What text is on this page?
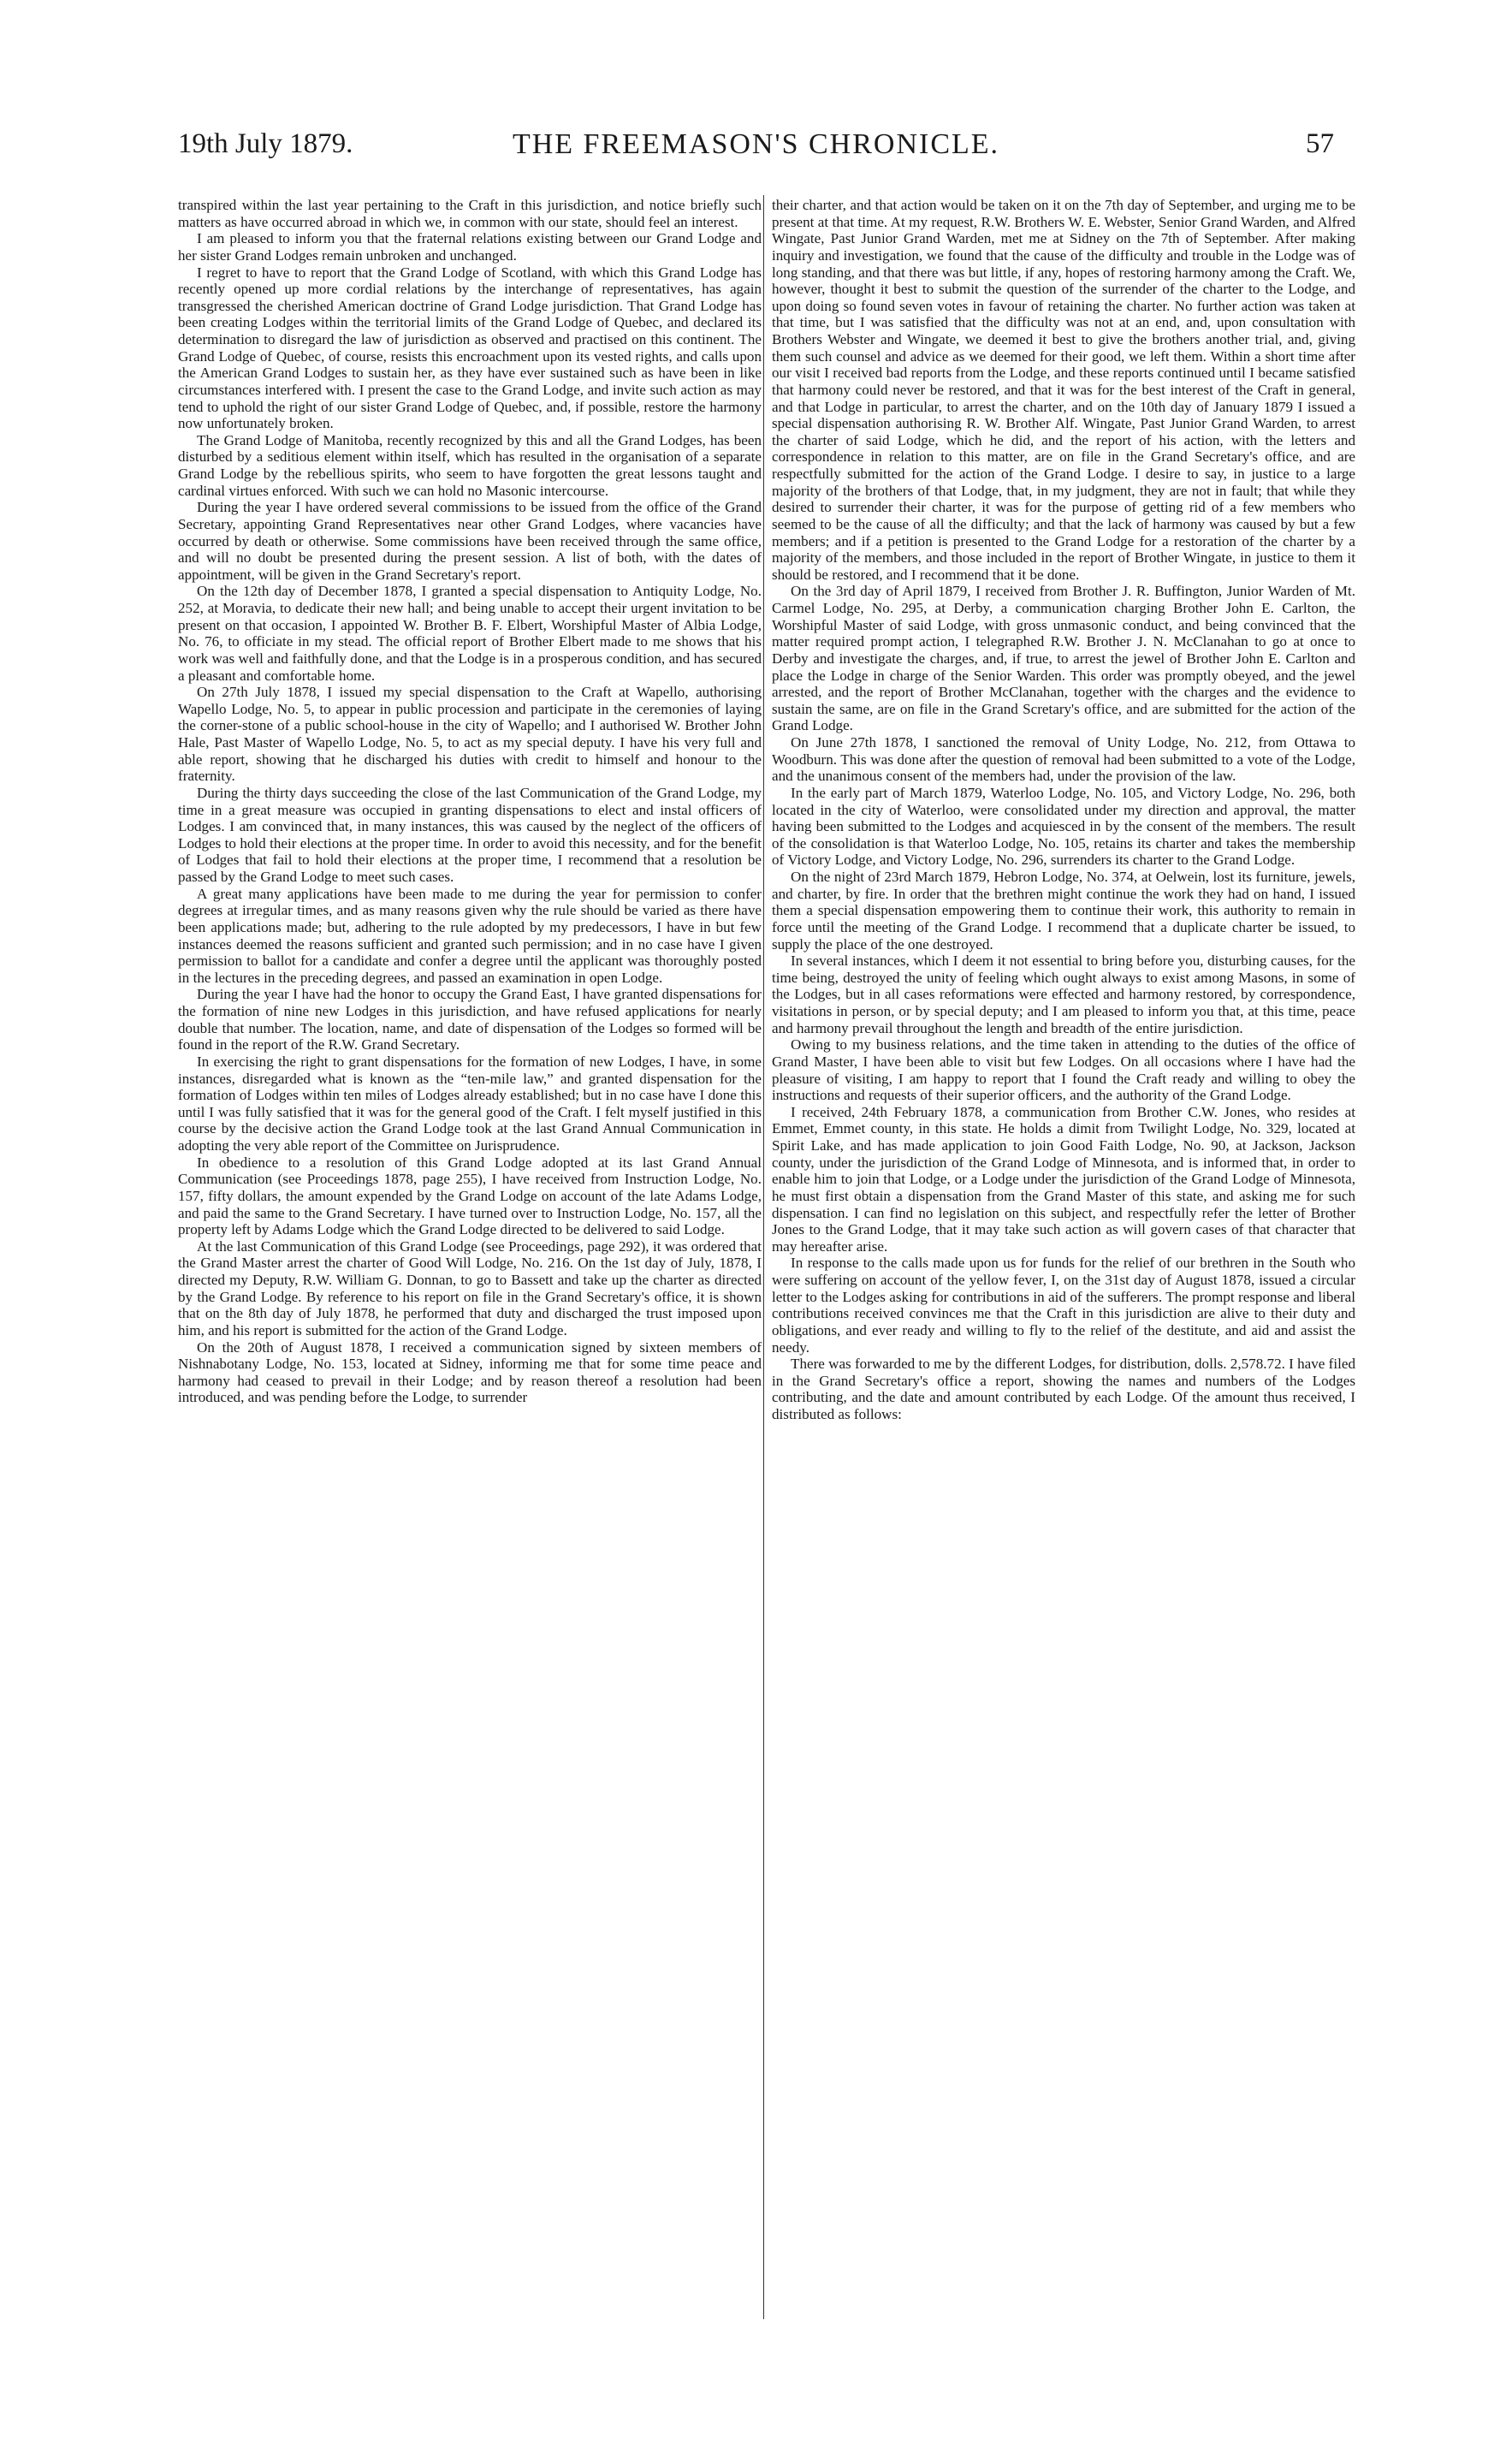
19th July 1879.	THE FREEMASON'S CHRONICLE.	57

transpired within the last year pertaining to the Craft in this jurisdiction, and notice briefly such matters as have occurred abroad in which we, in common with our state, should feel an interest.

I am pleased to inform you that the fraternal relations existing between our Grand Lodge and her sister Grand Lodges remain unbroken and unchanged.

I regret to have to report that the Grand Lodge of Scotland, with which this Grand Lodge has recently opened up more cordial relations by the interchange of representatives, has again transgressed the cherished American doctrine of Grand Lodge jurisdiction. That Grand Lodge has been creating Lodges within the territorial limits of the Grand Lodge of Quebec, and declared its determination to disregard the law of jurisdiction as observed and practised on this continent. The Grand Lodge of Quebec, of course, resists this encroachment upon its vested rights, and calls upon the American Grand Lodges to sustain her, as they have ever sustained such as have been in like circumstances interfered with. I present the case to the Grand Lodge, and invite such action as may tend to uphold the right of our sister Grand Lodge of Quebec, and, if possible, restore the harmony now unfortunately broken.

The Grand Lodge of Manitoba, recently recognized by this and all the Grand Lodges, has been disturbed by a seditious element within itself, which has resulted in the organisation of a separate Grand Lodge by the rebellious spirits, who seem to have forgotten the great lessons taught and cardinal virtues enforced. With such we can hold no Masonic intercourse.

During the year I have ordered several commissions to be issued from the office of the Grand Secretary, appointing Grand Representatives near other Grand Lodges, where vacancies have occurred by death or otherwise. Some commissions have been received through the same office, and will no doubt be presented during the present session. A list of both, with the dates of appointment, will be given in the Grand Secretary's report.

On the 12th day of December 1878, I granted a special dispensation to Antiquity Lodge, No. 252, at Moravia, to dedicate their new hall; and being unable to accept their urgent invitation to be present on that occasion, I appointed W. Brother B. F. Elbert, Worshipful Master of Albia Lodge, No. 76, to officiate in my stead. The official report of Brother Elbert made to me shows that his work was well and faithfully done, and that the Lodge is in a prosperous condition, and has secured a pleasant and comfortable home.

On 27th July 1878, I issued my special dispensation to the Craft at Wapello, authorising Wapello Lodge, No. 5, to appear in public procession and participate in the ceremonies of laying the corner-stone of a public school-house in the city of Wapello; and I authorised W. Brother John Hale, Past Master of Wapello Lodge, No. 5, to act as my special deputy. I have his very full and able report, showing that he discharged his duties with credit to himself and honour to the fraternity.

During the thirty days succeeding the close of the last Communication of the Grand Lodge, my time in a great measure was occupied in granting dispensations to elect and instal officers of Lodges. I am convinced that, in many instances, this was caused by the neglect of the officers of Lodges to hold their elections at the proper time. In order to avoid this necessity, and for the benefit of Lodges that fail to hold their elections at the proper time, I recommend that a resolution be passed by the Grand Lodge to meet such cases.

A great many applications have been made to me during the year for permission to confer degrees at irregular times, and as many reasons given why the rule should be varied as there have been applications made; but, adhering to the rule adopted by my predecessors, I have in but few instances deemed the reasons sufficient and granted such permission; and in no case have I given permission to ballot for a candidate and confer a degree until the applicant was thoroughly posted in the lectures in the preceding degrees, and passed an examination in open Lodge.

During the year I have had the honor to occupy the Grand East, I have granted dispensations for the formation of nine new Lodges in this jurisdiction, and have refused applications for nearly double that number. The location, name, and date of dispensation of the Lodges so formed will be found in the report of the R.W. Grand Secretary.

In exercising the right to grant dispensations for the formation of new Lodges, I have, in some instances, disregarded what is known as the “ten-mile law,” and granted dispensation for the formation of Lodges within ten miles of Lodges already established; but in no case have I done this until I was fully satisfied that it was for the general good of the Craft. I felt myself justified in this course by the decisive action the Grand Lodge took at the last Grand Annual Communication in adopting the very able report of the Committee on Jurisprudence.

In obedience to a resolution of this Grand Lodge adopted at its last Grand Annual Communication (see Proceedings 1878, page 255), I have received from Instruction Lodge, No. 157, fifty dollars, the amount expended by the Grand Lodge on account of the late Adams Lodge, and paid the same to the Grand Secretary. I have turned over to Instruction Lodge, No. 157, all the property left by Adams Lodge which the Grand Lodge directed to be delivered to said Lodge.

At the last Communication of this Grand Lodge (see Proceedings, page 292), it was ordered that the Grand Master arrest the charter of Good Will Lodge, No. 216. On the 1st day of July, 1878, I directed my Deputy, R.W. William G. Donnan, to go to Bassett and take up the charter as directed by the Grand Lodge. By reference to his report on file in the Grand Secretary's office, it is shown that on the 8th day of July 1878, he performed that duty and discharged the trust imposed upon him, and his report is submitted for the action of the Grand Lodge.

On the 20th of August 1878, I received a communication signed by sixteen members of Nishnabotany Lodge, No. 153, located at Sidney, informing me that for some time peace and harmony had ceased to prevail in their Lodge; and by reason thereof a resolution had been introduced, and was pending before the Lodge, to surrender

their charter, and that action would be taken on it on the 7th day of September, and urging me to be present at that time. At my request, R.W. Brothers W. E. Webster, Senior Grand Warden, and Alfred Wingate, Past Junior Grand Warden, met me at Sidney on the 7th of September. After making inquiry and investigation, we found that the cause of the difficulty and trouble in the Lodge was of long standing, and that there was but little, if any, hopes of restoring harmony among the Craft. We, however, thought it best to submit the question of the surrender of the charter to the Lodge, and upon doing so found seven votes in favour of retaining the charter. No further action was taken at that time, but I was satisfied that the difficulty was not at an end, and, upon consultation with Brothers Webster and Wingate, we deemed it best to give the brothers another trial, and, giving them such counsel and advice as we deemed for their good, we left them. Within a short time after our visit I received bad reports from the Lodge, and these reports continued until I became satisfied that harmony could never be restored, and that it was for the best interest of the Craft in general, and that Lodge in particular, to arrest the charter, and on the 10th day of January 1879 I issued a special dispensation authorising R. W. Brother Alf. Wingate, Past Junior Grand Warden, to arrest the charter of said Lodge, which he did, and the report of his action, with the letters and correspondence in relation to this matter, are on file in the Grand Secretary's office, and are respectfully submitted for the action of the Grand Lodge. I desire to say, in justice to a large majority of the brothers of that Lodge, that, in my judgment, they are not in fault; that while they desired to surrender their charter, it was for the purpose of getting rid of a few members who seemed to be the cause of all the difficulty; and that the lack of harmony was caused by but a few members; and if a petition is presented to the Grand Lodge for a restoration of the charter by a majority of the members, and those included in the report of Brother Wingate, in justice to them it should be restored, and I recommend that it be done.

On the 3rd day of April 1879, I received from Brother J. R. Buffington, Junior Warden of Mt. Carmel Lodge, No. 295, at Derby, a communication charging Brother John E. Carlton, the Worshipful Master of said Lodge, with gross unmasonic conduct, and being convinced that the matter required prompt action, I telegraphed R.W. Brother J. N. McClanahan to go at once to Derby and investigate the charges, and, if true, to arrest the jewel of Brother John E. Carlton and place the Lodge in charge of the Senior Warden. This order was promptly obeyed, and the jewel arrested, and the report of Brother McClanahan, together with the charges and the evidence to sustain the same, are on file in the Grand Scretary's office, and are submitted for the action of the Grand Lodge.

On June 27th 1878, I sanctioned the removal of Unity Lodge, No. 212, from Ottawa to Woodburn. This was done after the question of removal had been submitted to a vote of the Lodge, and the unanimous consent of the members had, under the provision of the law.

In the early part of March 1879, Waterloo Lodge, No. 105, and Victory Lodge, No. 296, both located in the city of Waterloo, were consolidated under my direction and approval, the matter having been submitted to the Lodges and acquiesced in by the consent of the members. The result of the consolidation is that Waterloo Lodge, No. 105, retains its charter and takes the membership of Victory Lodge, and Victory Lodge, No. 296, surrenders its charter to the Grand Lodge.

On the night of 23rd March 1879, Hebron Lodge, No. 374, at Oelwein, lost its furniture, jewels, and charter, by fire. In order that the brethren might continue the work they had on hand, I issued them a special dispensation empowering them to continue their work, this authority to remain in force until the meeting of the Grand Lodge. I recommend that a duplicate charter be issued, to supply the place of the one destroyed.

In several instances, which I deem it not essential to bring before you, disturbing causes, for the time being, destroyed the unity of feeling which ought always to exist among Masons, in some of the Lodges, but in all cases reformations were effected and harmony restored, by correspondence, visitations in person, or by special deputy; and I am pleased to inform you that, at this time, peace and harmony prevail throughout the length and breadth of the entire jurisdiction.

Owing to my business relations, and the time taken in attending to the duties of the office of Grand Master, I have been able to visit but few Lodges. On all occasions where I have had the pleasure of visiting, I am happy to report that I found the Craft ready and willing to obey the instructions and requests of their superior officers, and the authority of the Grand Lodge.

I received, 24th February 1878, a communication from Brother C.W. Jones, who resides at Emmet, Emmet county, in this state. He holds a dimit from Twilight Lodge, No. 329, located at Spirit Lake, and has made application to join Good Faith Lodge, No. 90, at Jackson, Jackson county, under the jurisdiction of the Grand Lodge of Minnesota, and is informed that, in order to enable him to join that Lodge, or a Lodge under the jurisdiction of the Grand Lodge of Minnesota, he must first obtain a dispensation from the Grand Master of this state, and asking me for such dispensation. I can find no legislation on this subject, and respectfully refer the letter of Brother Jones to the Grand Lodge, that it may take such action as will govern cases of that character that may hereafter arise.

In response to the calls made upon us for funds for the relief of our brethren in the South who were suffering on account of the yellow fever, I, on the 31st day of August 1878, issued a circular letter to the Lodges asking for contributions in aid of the sufferers. The prompt response and liberal contributions received convinces me that the Craft in this jurisdiction are alive to their duty and obligations, and ever ready and willing to fly to the relief of the destitute, and aid and assist the needy.

There was forwarded to me by the different Lodges, for distribution, dolls. 2,578.72. I have filed in the Grand Secretary's office a report, showing the names and numbers of the Lodges contributing, and the date and amount contributed by each Lodge. Of the amount thus received, I distributed as follows:
